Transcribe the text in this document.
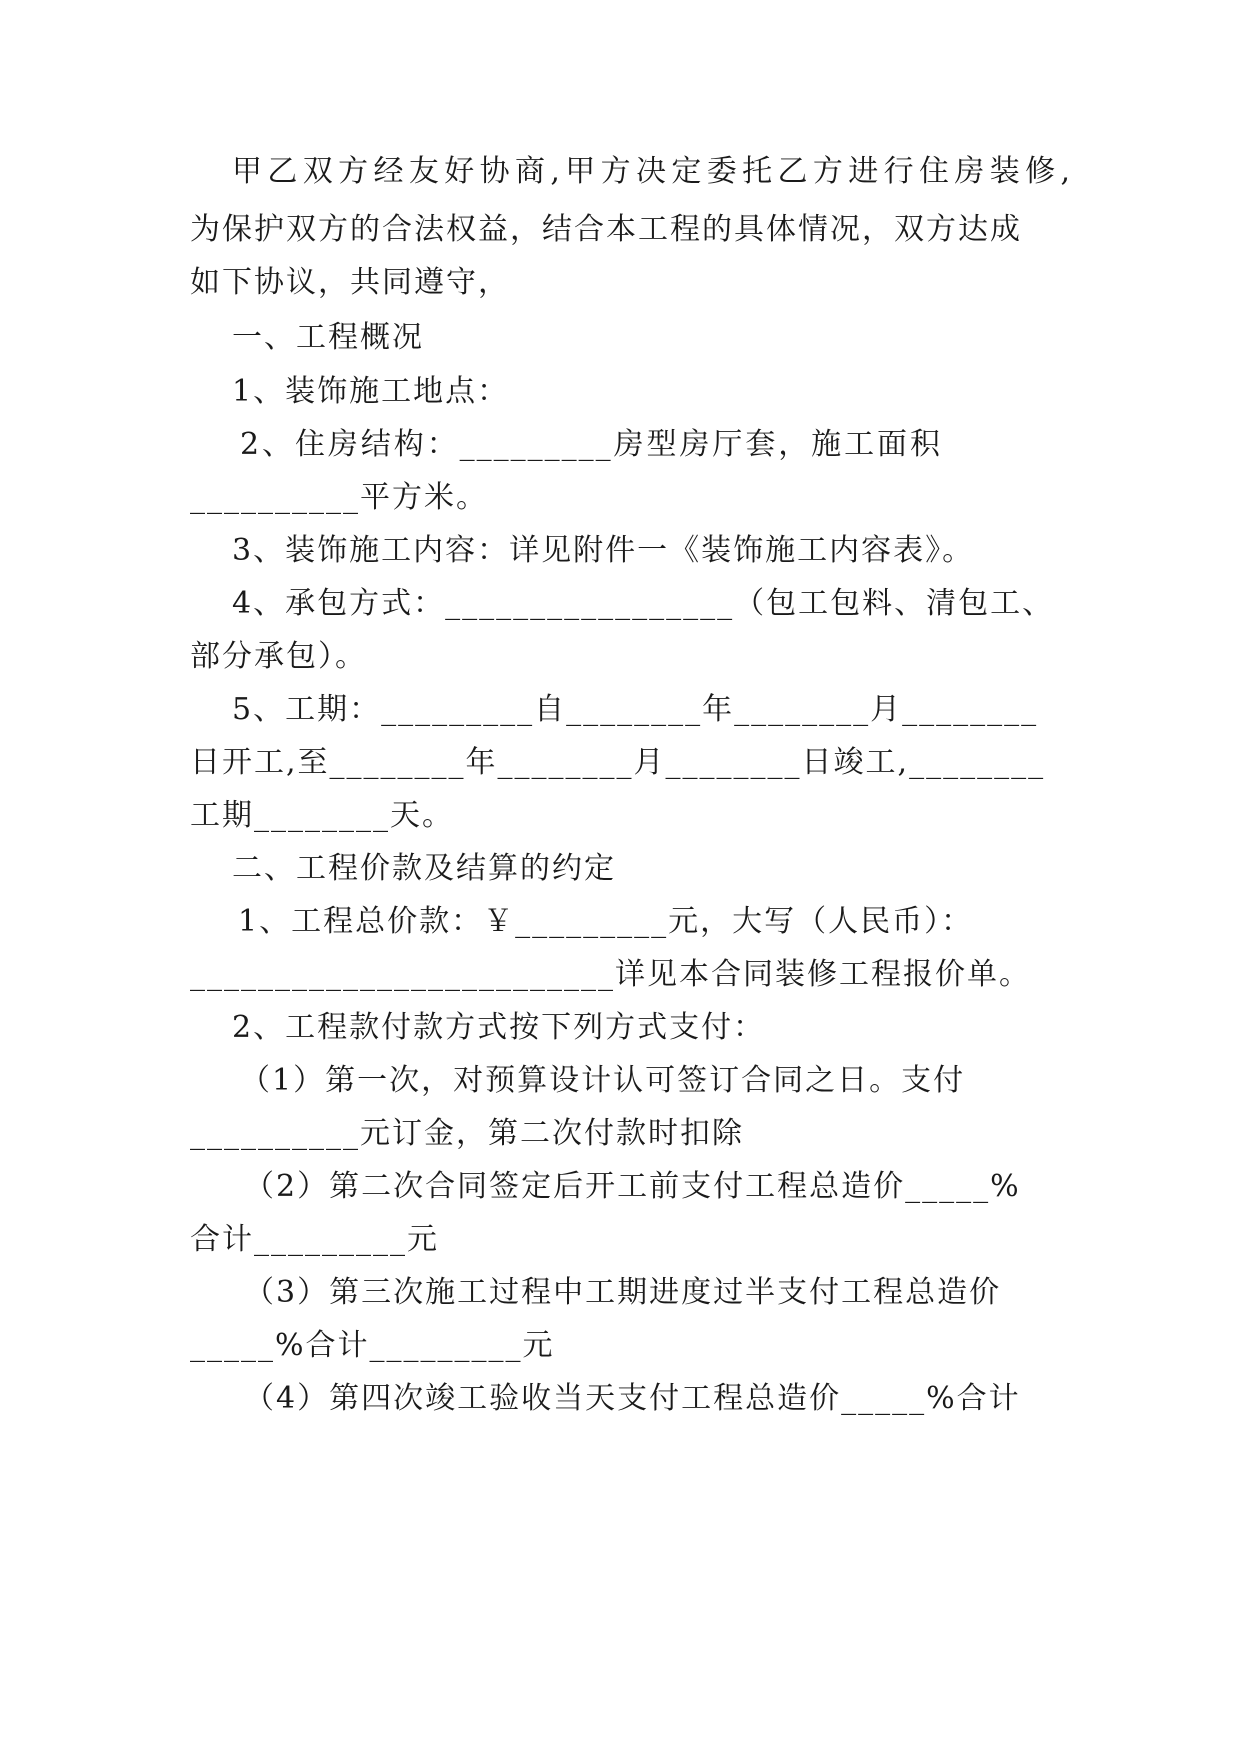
甲乙双方经友好协商,甲方决定委托乙方进行住房装修,
为保护双方的合法权益，结合本工程的具体情况，双方达成
如下协议，共同遵守，
一、工程概况
1、装饰施工地点：
2、住房结构：_________房型房厅套，施工面积
__________平方米。
3、装饰施工内容：详见附件一《装饰施工内容表》。
4、承包方式：_________________（包工包料、清包工、
部分承包）。
5、工期：_________自________年________月________
日开工,至________年________月________日竣工,________
工期________天。
二、工程价款及结算的约定
1、工程总价款：￥_________元，大写（人民币）：
_________________________详见本合同装修工程报价单。
2、工程款付款方式按下列方式支付：
（1）第一次，对预算设计认可签订合同之日。支付
__________元订金，第二次付款时扣除
（2）第二次合同签定后开工前支付工程总造价_____%
合计_________元
（3）第三次施工过程中工期进度过半支付工程总造价
_____%合计_________元
（4）第四次竣工验收当天支付工程总造价_____%合计
